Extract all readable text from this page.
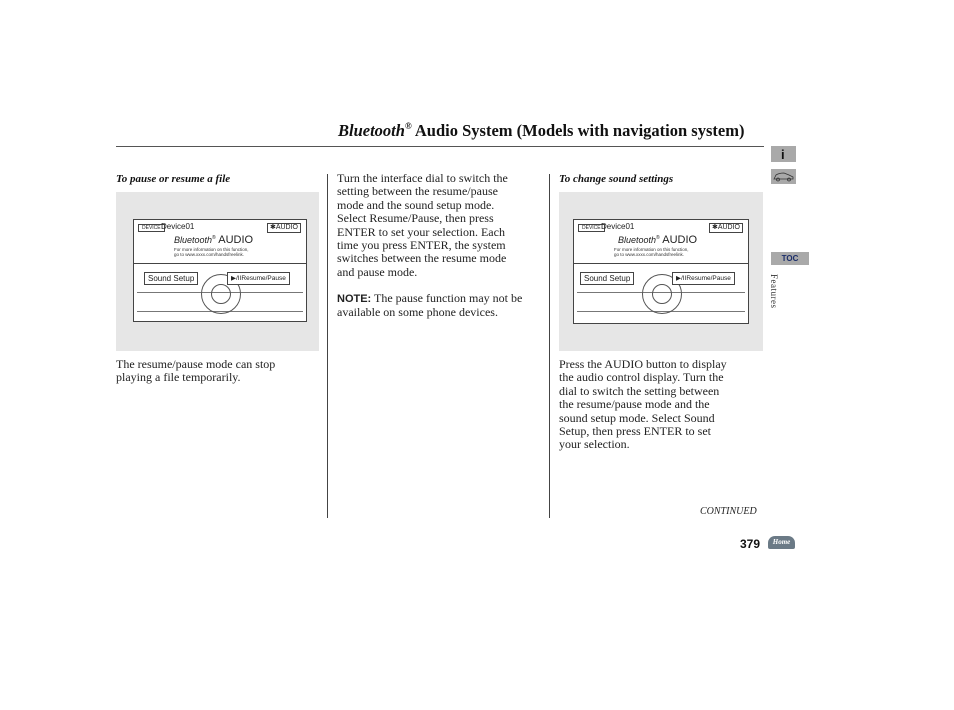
Bluetooth® Audio System (Models with navigation system)
To pause or resume a file
DEVICE Device01	✱AUDIO
Bluetooth® AUDIO
For more information on this function,
go to www.xxxx.com/handsfreelink.
Sound Setup	▶/IIResume/Pause
The resume/pause mode can stop
playing a file temporarily.
Turn the interface dial to switch the
setting between the resume/pause
mode and the sound setup mode.
Select Resume/Pause, then press
ENTER to set your selection. Each
time you press ENTER, the system
switches between the resume mode
and pause mode.
NOTE: The pause function may not be available on some phone devices.
To change sound settings
DEVICE Device01	✱AUDIO
Bluetooth® AUDIO
For more information on this function,
go to www.xxxx.com/handsfreelink.
Sound Setup	▶/IIResume/Pause
Press the AUDIO button to display
the audio control display. Turn the
dial to switch the setting between
the resume/pause mode and the
sound setup mode. Select Sound
Setup, then press ENTER to set
your selection.
i
TOC
Features
CONTINUED
379	Home
